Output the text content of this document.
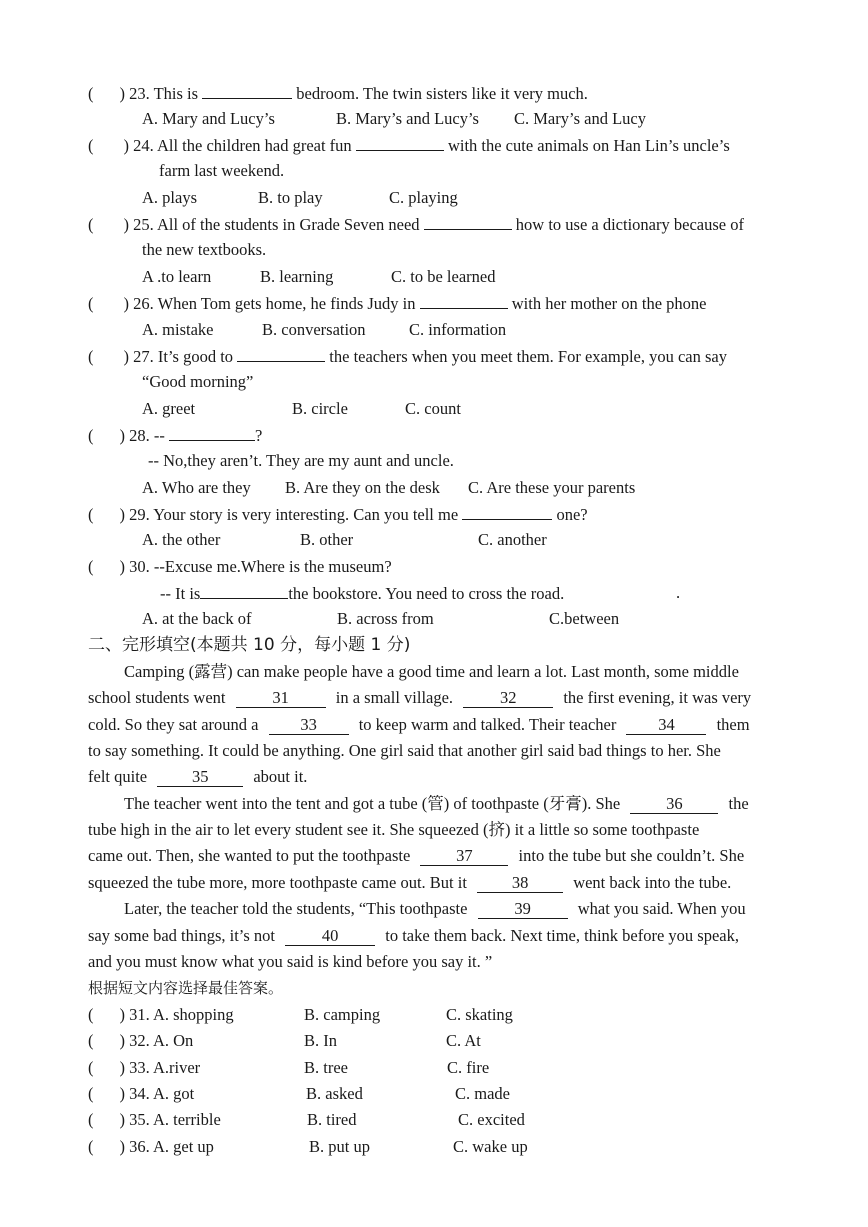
( ) 23. This is	bedroom. The twin sisters like it very much.
A. Mary and Lucy’s	B. Mary’s and Lucy’s C. Mary’s and Lucy
( ) 24. All the children had great fun	with the cute animals on Han Lin’s uncle’s
farm last weekend.
A. plays	B. to play	C. playing
( ) 25. All of the students in Grade Seven need	how to use a dictionary because of
the new textbooks.
A .to learn	B. learning	C. to be learned
( ) 26. When Tom gets home, he finds Judy in	with her mother on the phone
A. mistake	B. conversation	C. information
( ) 27. It’s good to	the teachers when you meet them. For example, you can say
“Good morning”
A. greet	B. circle	C. count
( ) 28. --	?
-- No,they aren’t. They are my aunt and uncle.
A. Who are they B. Are they on the desk C. Are these your parents
( ) 29. Your story is very interesting. Can you tell me	one?
A. the other	B. other	C. another
( ) 30. --Excuse me.Where is the museum?
-- It is	the bookstore. You need to cross the road.	.
A. at the back of	B. across from	C.between
二、完形填空(本题共 10 分，每小题 1 分)
Camping (露营) can make people have a good time and learn a lot. Last month, some middle
school students went	31	in a small village.	32	the first evening, it was very
cold. So they sat around a	33	to keep warm and talked. Their teacher	34	them
to say something. It could be anything. One girl said that another girl said bad things to her. She
felt quite	35	about it.
The teacher went into the tent and got a tube (管) of toothpaste (牙膏). She	36	the
tube high in the air to let every student see it. She squeezed (挤) it a little so some toothpaste
came out. Then, she wanted to put the toothpaste	37	into the tube but she couldn’t. She
squeezed the tube more, more toothpaste came out. But it	38	went back into the tube.
Later, the teacher told the students, “This toothpaste	39	what you said. When you
say some bad things, it’s not	40	to take them back. Next time, think before you speak,
and you must know what you said is kind before you say it. ”
根据短文内容选择最佳答案。
( ) 31. A. shopping	B. camping	C. skating
( ) 32. A. On	B. In	C. At
( ) 33. A.river	B. tree	C. fire
( ) 34. A. got	B. asked	C. made
( ) 35. A. terrible	B. tired	C. excited
( ) 36. A. get up	B. put up	C. wake up
